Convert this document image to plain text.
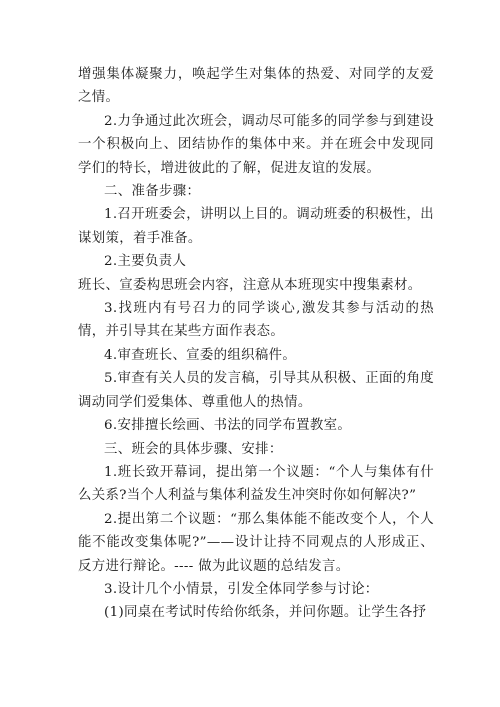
增强集体凝聚力，唤起学生对集体的热爱、对同学的友爱之情。

2.力争通过此次班会，调动尽可能多的同学参与到建设一个积极向上、团结协作的集体中来。并在班会中发现同学们的特长，增进彼此的了解，促进友谊的发展。

二、准备步骤：

1.召开班委会，讲明以上目的。调动班委的积极性，出谋划策，着手准备。

2.主要负责人

班长、宣委构思班会内容，注意从本班现实中搜集素材。

3.找班内有号召力的同学谈心,激发其参与活动的热情，并引导其在某些方面作表态。

4.审查班长、宣委的组织稿件。

5.审查有关人员的发言稿，引导其从积极、正面的角度调动同学们爱集体、尊重他人的热情。

6.安排擅长绘画、书法的同学布置教室。

三、班会的具体步骤、安排：

1.班长致开幕词，提出第一个议题：“个人与集体有什么关系?当个人利益与集体利益发生冲突时你如何解决?”

2.提出第二个议题：“那么集体能不能改变个人，个人能不能改变集体呢?”——设计让持不同观点的人形成正、反方进行辩论。---- 做为此议题的总结发言。

3.设计几个小情景，引发全体同学参与讨论：

(1)同桌在考试时传给你纸条，并问你题。让学生各抒
